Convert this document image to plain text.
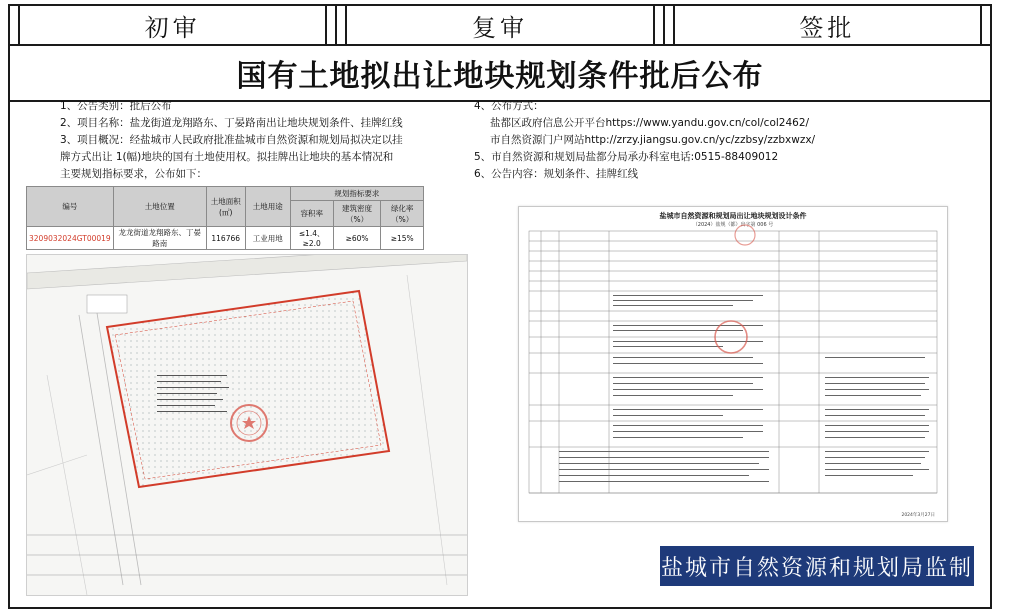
初审	复审	签批
国有土地拟出让地块规划条件批后公布

1、公告类别：批后公布

2、项目名称：盐龙街道龙翔路东、丁晏路南出让地块规划条件、挂牌红线

3、项目概况：经盐城市人民政府批准盐城市自然资源和规划局拟决定以挂

牌方式出让 1(幅)地块的国有土地使用权。拟挂牌出让地块的基本情况和

主要规划指标要求，公布如下：

4、公布方式：

盐都区政府信息公开平台https://www.yandu.gov.cn/col/col2462/

市自然资源门户网站http://zrzy.jiangsu.gov.cn/yc/zzbsy/zzbxwzx/

5、市自然资源和规划局盐都分局承办科室电话:0515-88409012

6、公告内容：规划条件、挂牌红线

编号	土地位置	土地面积(㎡)	土地用途	规划指标要求		
				容积率	建筑密度（%）	绿化率（%）
3209032024GT00019	龙龙街道龙翔路东、丁晏路南	116766	工业用地	≤1.4、≥2.0	≥60%	≥15%
盐城市自然资源和规划局出让地块规划设计条件
（2024）盐规（都）出字第 006 号
2024年3月27日
盐城市自然资源和规划局监制
